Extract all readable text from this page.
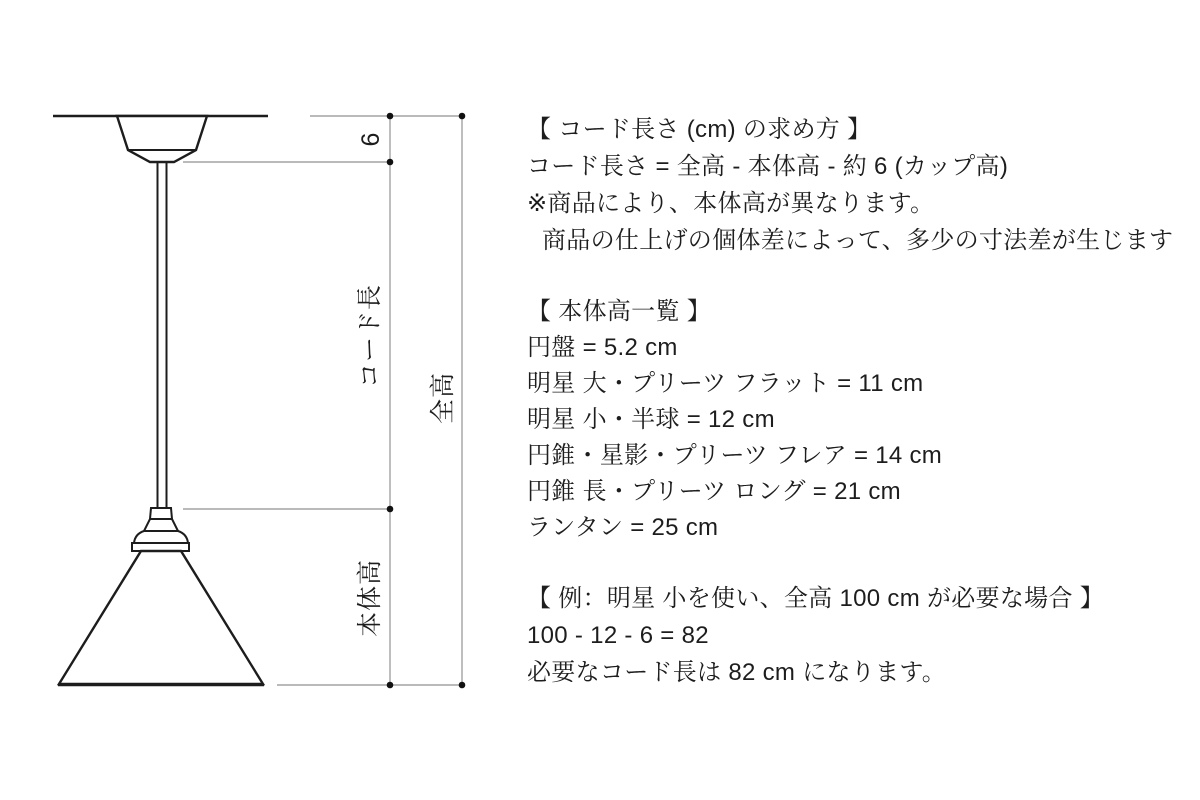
6
コード長
本体高
全高

【 コード長さ (cm) の求め方 】

コード長さ = 全高 - 本体高 - 約 6 (カップ高)

※商品により、本体高が異なります。

商品の仕上げの個体差によって、多少の寸法差が生じます

【 本体高一覧 】

円盤 = 5.2 cm

明星 大・プリーツ フラット = 11 cm

明星 小・半球 = 12 cm

円錐・星影・プリーツ フレア = 14 cm

円錐 長・プリーツ ロング = 21 cm

ランタン = 25 cm

【 例：明星 小を使い、全高 100 cm が必要な場合 】

100 - 12 - 6 = 82

必要なコード長は 82 cm になります。
